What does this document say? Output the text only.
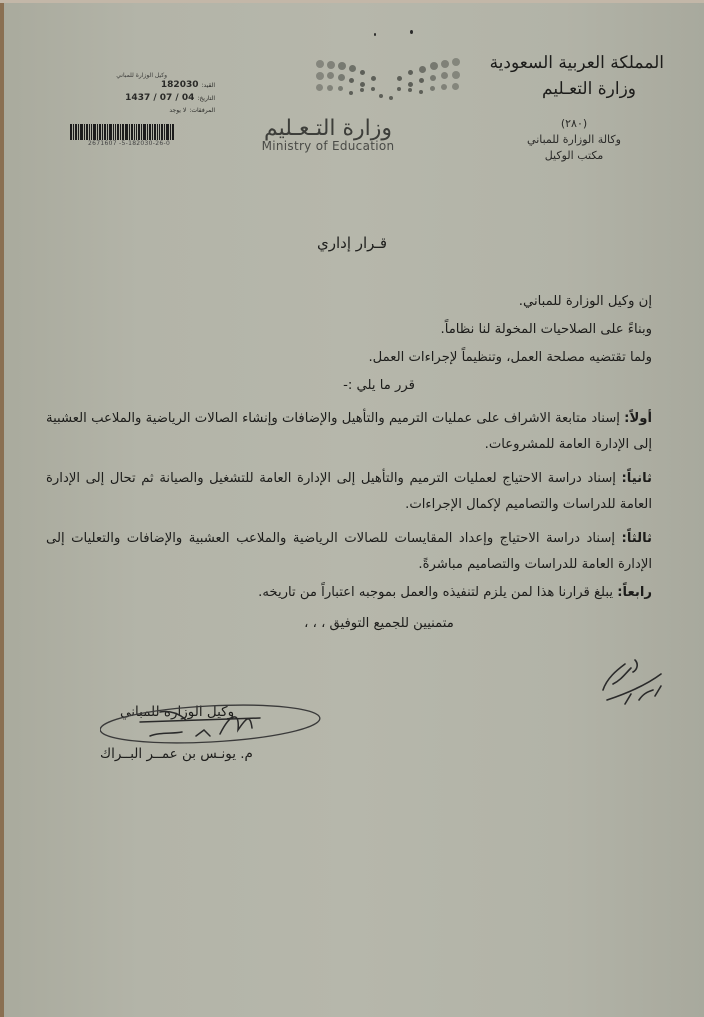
المملكة العربية السعودية
وزارة التعـليم
(٢٨٠)
وكالة الوزارة للمباني
مكتب الوكيل
وزارة التـعـليم
Ministry of Education
وكيل الوزارة للمباني
القيد:
182030
التاريخ:
1437 / 07 / 04
المرفقات:
لا يوجد
2671607 -5-182030-26-0
قـرار إداري

إن وكيل الوزارة للمباني.

وبناءً على الصلاحيات المخولة لنا نظاماً.

ولما تقتضيه مصلحة العمل، وتنظيماً لإجراءات العمل.

قرر ما يلي :-
أولاً: إسناد متابعة الاشراف على عمليات الترميم والتأهيل والإضافات وإنشاء الصالات الرياضية والملاعب العشبية إلى الإدارة العامة للمشروعات.
ثانياً: إسناد دراسة الاحتياج لعمليات الترميم والتأهيل إلى الإدارة العامة للتشغيل والصيانة ثم تحال إلى الإدارة العامة للدراسات والتصاميم لإكمال الإجراءات.
ثالثاً: إسناد دراسة الاحتياج وإعداد المقايسات للصالات الرياضية والملاعب العشبية والإضافات والتعليات إلى الإدارة العامة للدراسات والتصاميم مباشرةً.
رابعاً: يبلغ قرارنا هذا لمن يلزم لتنفيذه والعمل بموجبه اعتباراً من تاريخه.
متمنيين للجميع التوفيق ، ، ،
وكيل الوزارة للمباني
م. يونـس بن عمــر البــراك
